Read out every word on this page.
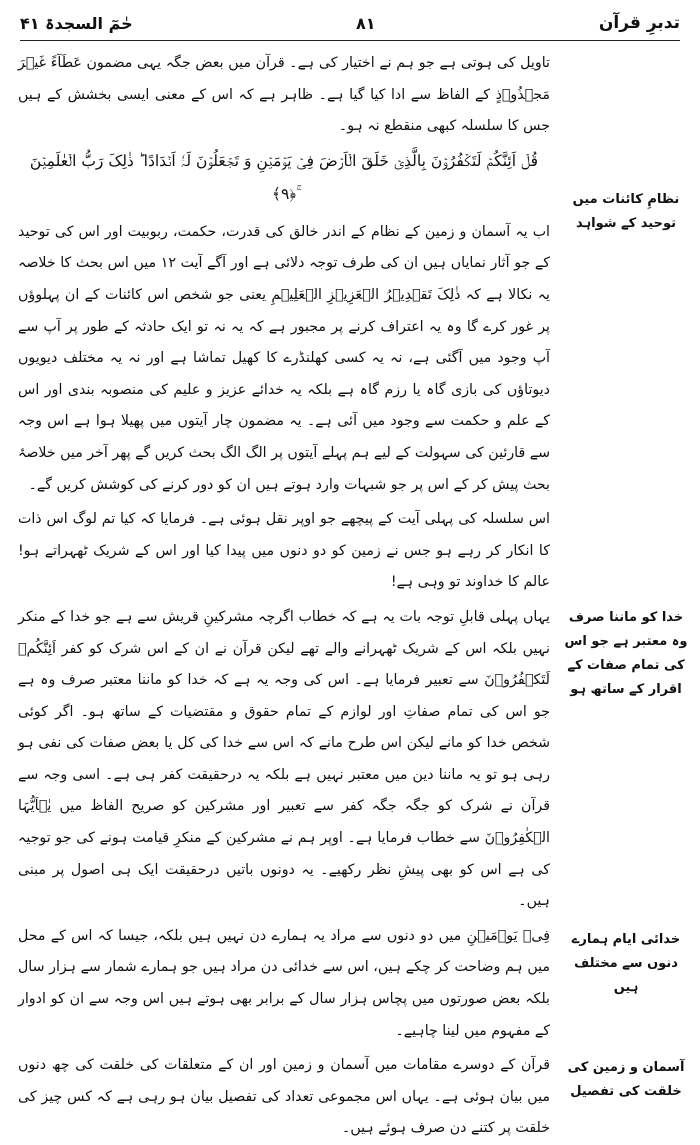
تدبرِ قرآن
۸۱
حٰمٓ السجدۃ ۴۱

تاویل کی ہوتی ہے جو ہم نے اختیار کی ہے۔ قرآن میں بعض جگہ یہی مضمون عَطَآءً غَیۡرَ مَجۡذُوۡذٍ کے الفاظ سے ادا کیا گیا ہے۔ ظاہر ہے کہ اس کے معنی ایسی بخشش کے ہیں جس کا سلسلہ کبھی منقطع نہ ہو۔

قُلۡ اَئِنَّکُمۡ لَتَکۡفُرُوۡنَ بِالَّذِیۡ خَلَقَ الۡاَرۡضَ فِیۡ یَوۡمَیۡنِ وَ تَجۡعَلُوۡنَ لَہٗۤ اَنۡدَادًا ؕ ذٰلِکَ رَبُّ الۡعٰلَمِیۡنَ ۚ﴿۹﴾

اب یہ آسمان و زمین کے نظام کے اندر خالق کی قدرت، حکمت، ربوبیت اور اس کی توحید کے جو آثار نمایاں ہیں ان کی طرف توجہ دلائی ہے اور آگے آیت ۱۲ میں اس بحث کا خلاصہ یہ نکالا ہے کہ ذٰلِکَ تَقۡدِیۡرُ الۡعَزِیۡزِ الۡعَلِیۡمِ یعنی جو شخص اس کائنات کے ان پہلوؤں پر غور کرے گا وہ یہ اعتراف کرنے پر مجبور ہے کہ یہ نہ تو ایک حادثہ کے طور پر آپ سے آپ وجود میں آگئی ہے، نہ یہ کسی کھلنڈرے کا کھیل تماشا ہے اور نہ یہ مختلف دیویوں دیوتاؤں کی بازی گاہ یا رزم گاہ ہے بلکہ یہ خدائے عزیز و علیم کی منصوبہ بندی اور اس کے علم و حکمت سے وجود میں آئی ہے۔ یہ مضمون چار آیتوں میں پھیلا ہوا ہے اس وجہ سے قارئین کی سہولت کے لیے ہم پہلے آیتوں پر الگ الگ بحث کریں گے پھر آخر میں خلاصۂ بحث پیش کر کے اس پر جو شبہات وارد ہوتے ہیں ان کو دور کرنے کی کوشش کریں گے۔

اس سلسلہ کی پہلی آیت کے پیچھے جو اوپر نقل ہوئی ہے۔ فرمایا کہ کیا تم لوگ اس ذات کا انکار کر رہے ہو جس نے زمین کو دو دنوں میں پیدا کیا اور اس کے شریک ٹھہراتے ہو! عالم کا خداوند تو وہی ہے!

یہاں پہلی قابلِ توجہ بات یہ ہے کہ خطاب اگرچہ مشرکینِ قریش سے ہے جو خدا کے منکر نہیں بلکہ اس کے شریک ٹھہرانے والے تھے لیکن قرآن نے ان کے اس شرک کو کفر اَئِنَّکُمۡ لَتَکۡفُرُوۡنَ سے تعبیر فرمایا ہے۔ اس کی وجہ یہ ہے کہ خدا کو ماننا معتبر صرف وہ ہے جو اس کی تمام صفاتِ اور لوازم کے تمام حقوق و مقتضیات کے ساتھ ہو۔ اگر کوئی شخص خدا کو مانے لیکن اس طرح مانے کہ اس سے خدا کی کل یا بعض صفات کی نفی ہو رہی ہو تو یہ ماننا دین میں معتبر نہیں ہے بلکہ یہ درحقیقت کفر ہی ہے۔ اسی وجہ سے قرآن نے شرک کو جگہ جگہ کفر سے تعبیر اور مشرکین کو صریح الفاظ میں یٰۤاَیُّہَا الۡکٰفِرُوۡنَ سے خطاب فرمایا ہے۔ اوپر ہم نے مشرکین کے منکرِ قیامت ہونے کی جو توجیہ کی ہے اس کو بھی پیشِ نظر رکھیے۔ یہ دونوں باتیں درحقیقت ایک ہی اصول پر مبنی ہیں۔

فِیۡ یَوۡمَیۡنِ میں دو دنوں سے مراد یہ ہمارے دن نہیں ہیں بلکہ، جیسا کہ اس کے محل میں ہم وضاحت کر چکے ہیں، اس سے خدائی دن مراد ہیں جو ہمارے شمار سے ہزار سال بلکہ بعض صورتوں میں پچاس ہزار سال کے برابر بھی ہوتے ہیں اس وجہ سے ان کو ادوار کے مفہوم میں لینا چاہیے۔

قرآن کے دوسرے مقامات میں آسمان و زمین اور ان کے متعلقات کی خلقت کی چھ دنوں میں بیان ہوئی ہے۔ یہاں اس مجموعی تعداد کی تفصیل بیان ہو رہی ہے کہ کس چیز کی خلقت پر کتنے دن صرف ہوئے ہیں۔

نظامِ کائنات میں توحید کے شواہد
خدا کو ماننا صرف وہ معتبر ہے جو اس کی تمام صفات کے اقرار کے ساتھ ہو
خدائی ایام ہمارے دنوں سے مختلف ہیں
آسمان و زمین کی خلقت کی تفصیل
